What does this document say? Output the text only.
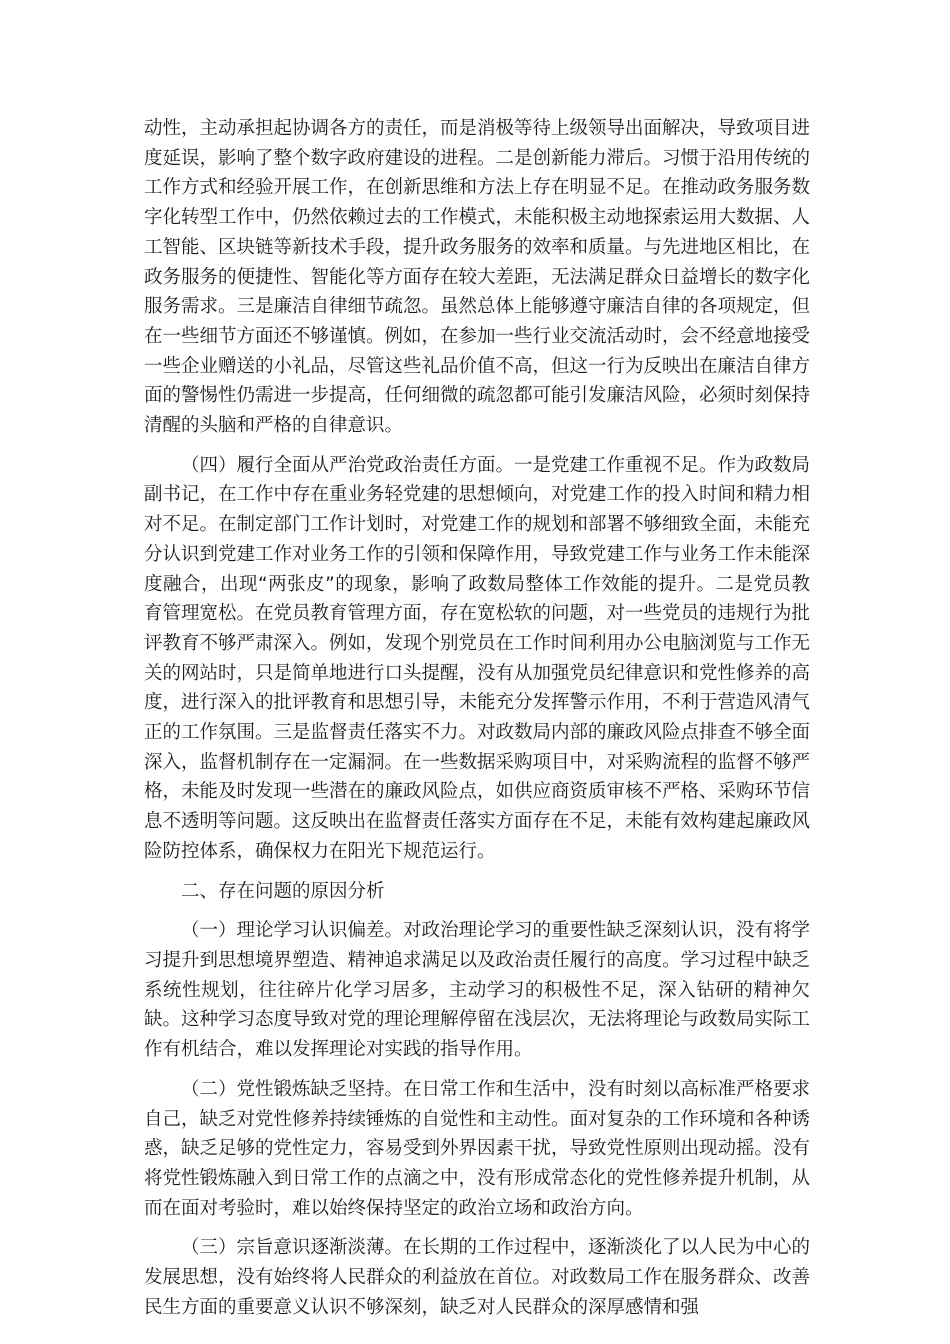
动性，主动承担起协调各方的责任，而是消极等待上级领导出面解决，导致项目进度延误，影响了整个数字政府建设的进程。二是创新能力滞后。习惯于沿用传统的工作方式和经验开展工作，在创新思维和方法上存在明显不足。在推动政务服务数字化转型工作中，仍然依赖过去的工作模式，未能积极主动地探索运用大数据、人工智能、区块链等新技术手段，提升政务服务的效率和质量。与先进地区相比，在政务服务的便捷性、智能化等方面存在较大差距，无法满足群众日益增长的数字化服务需求。三是廉洁自律细节疏忽。虽然总体上能够遵守廉洁自律的各项规定，但在一些细节方面还不够谨慎。例如，在参加一些行业交流活动时，会不经意地接受一些企业赠送的小礼品，尽管这些礼品价值不高，但这一行为反映出在廉洁自律方面的警惕性仍需进一步提高，任何细微的疏忽都可能引发廉洁风险，必须时刻保持清醒的头脑和严格的自律意识。

（四）履行全面从严治党政治责任方面。一是党建工作重视不足。作为政数局副书记，在工作中存在重业务轻党建的思想倾向，对党建工作的投入时间和精力相对不足。在制定部门工作计划时，对党建工作的规划和部署不够细致全面，未能充分认识到党建工作对业务工作的引领和保障作用，导致党建工作与业务工作未能深度融合，出现“两张皮”的现象，影响了政数局整体工作效能的提升。二是党员教育管理宽松。在党员教育管理方面，存在宽松软的问题，对一些党员的违规行为批评教育不够严肃深入。例如，发现个别党员在工作时间利用办公电脑浏览与工作无关的网站时，只是简单地进行口头提醒，没有从加强党员纪律意识和党性修养的高度，进行深入的批评教育和思想引导，未能充分发挥警示作用，不利于营造风清气正的工作氛围。三是监督责任落实不力。对政数局内部的廉政风险点排查不够全面深入，监督机制存在一定漏洞。在一些数据采购项目中，对采购流程的监督不够严格，未能及时发现一些潜在的廉政风险点，如供应商资质审核不严格、采购环节信息不透明等问题。这反映出在监督责任落实方面存在不足，未能有效构建起廉政风险防控体系，确保权力在阳光下规范运行。

二、存在问题的原因分析

（一）理论学习认识偏差。对政治理论学习的重要性缺乏深刻认识，没有将学习提升到思想境界塑造、精神追求满足以及政治责任履行的高度。学习过程中缺乏系统性规划，往往碎片化学习居多，主动学习的积极性不足，深入钻研的精神欠缺。这种学习态度导致对党的理论理解停留在浅层次，无法将理论与政数局实际工作有机结合，难以发挥理论对实践的指导作用。

（二）党性锻炼缺乏坚持。在日常工作和生活中，没有时刻以高标准严格要求自己，缺乏对党性修养持续锤炼的自觉性和主动性。面对复杂的工作环境和各种诱惑，缺乏足够的党性定力，容易受到外界因素干扰，导致党性原则出现动摇。没有将党性锻炼融入到日常工作的点滴之中，没有形成常态化的党性修养提升机制，从而在面对考验时，难以始终保持坚定的政治立场和政治方向。

（三）宗旨意识逐渐淡薄。在长期的工作过程中，逐渐淡化了以人民为中心的发展思想，没有始终将人民群众的利益放在首位。对政数局工作在服务群众、改善民生方面的重要意义认识不够深刻，缺乏对人民群众的深厚感情和强
